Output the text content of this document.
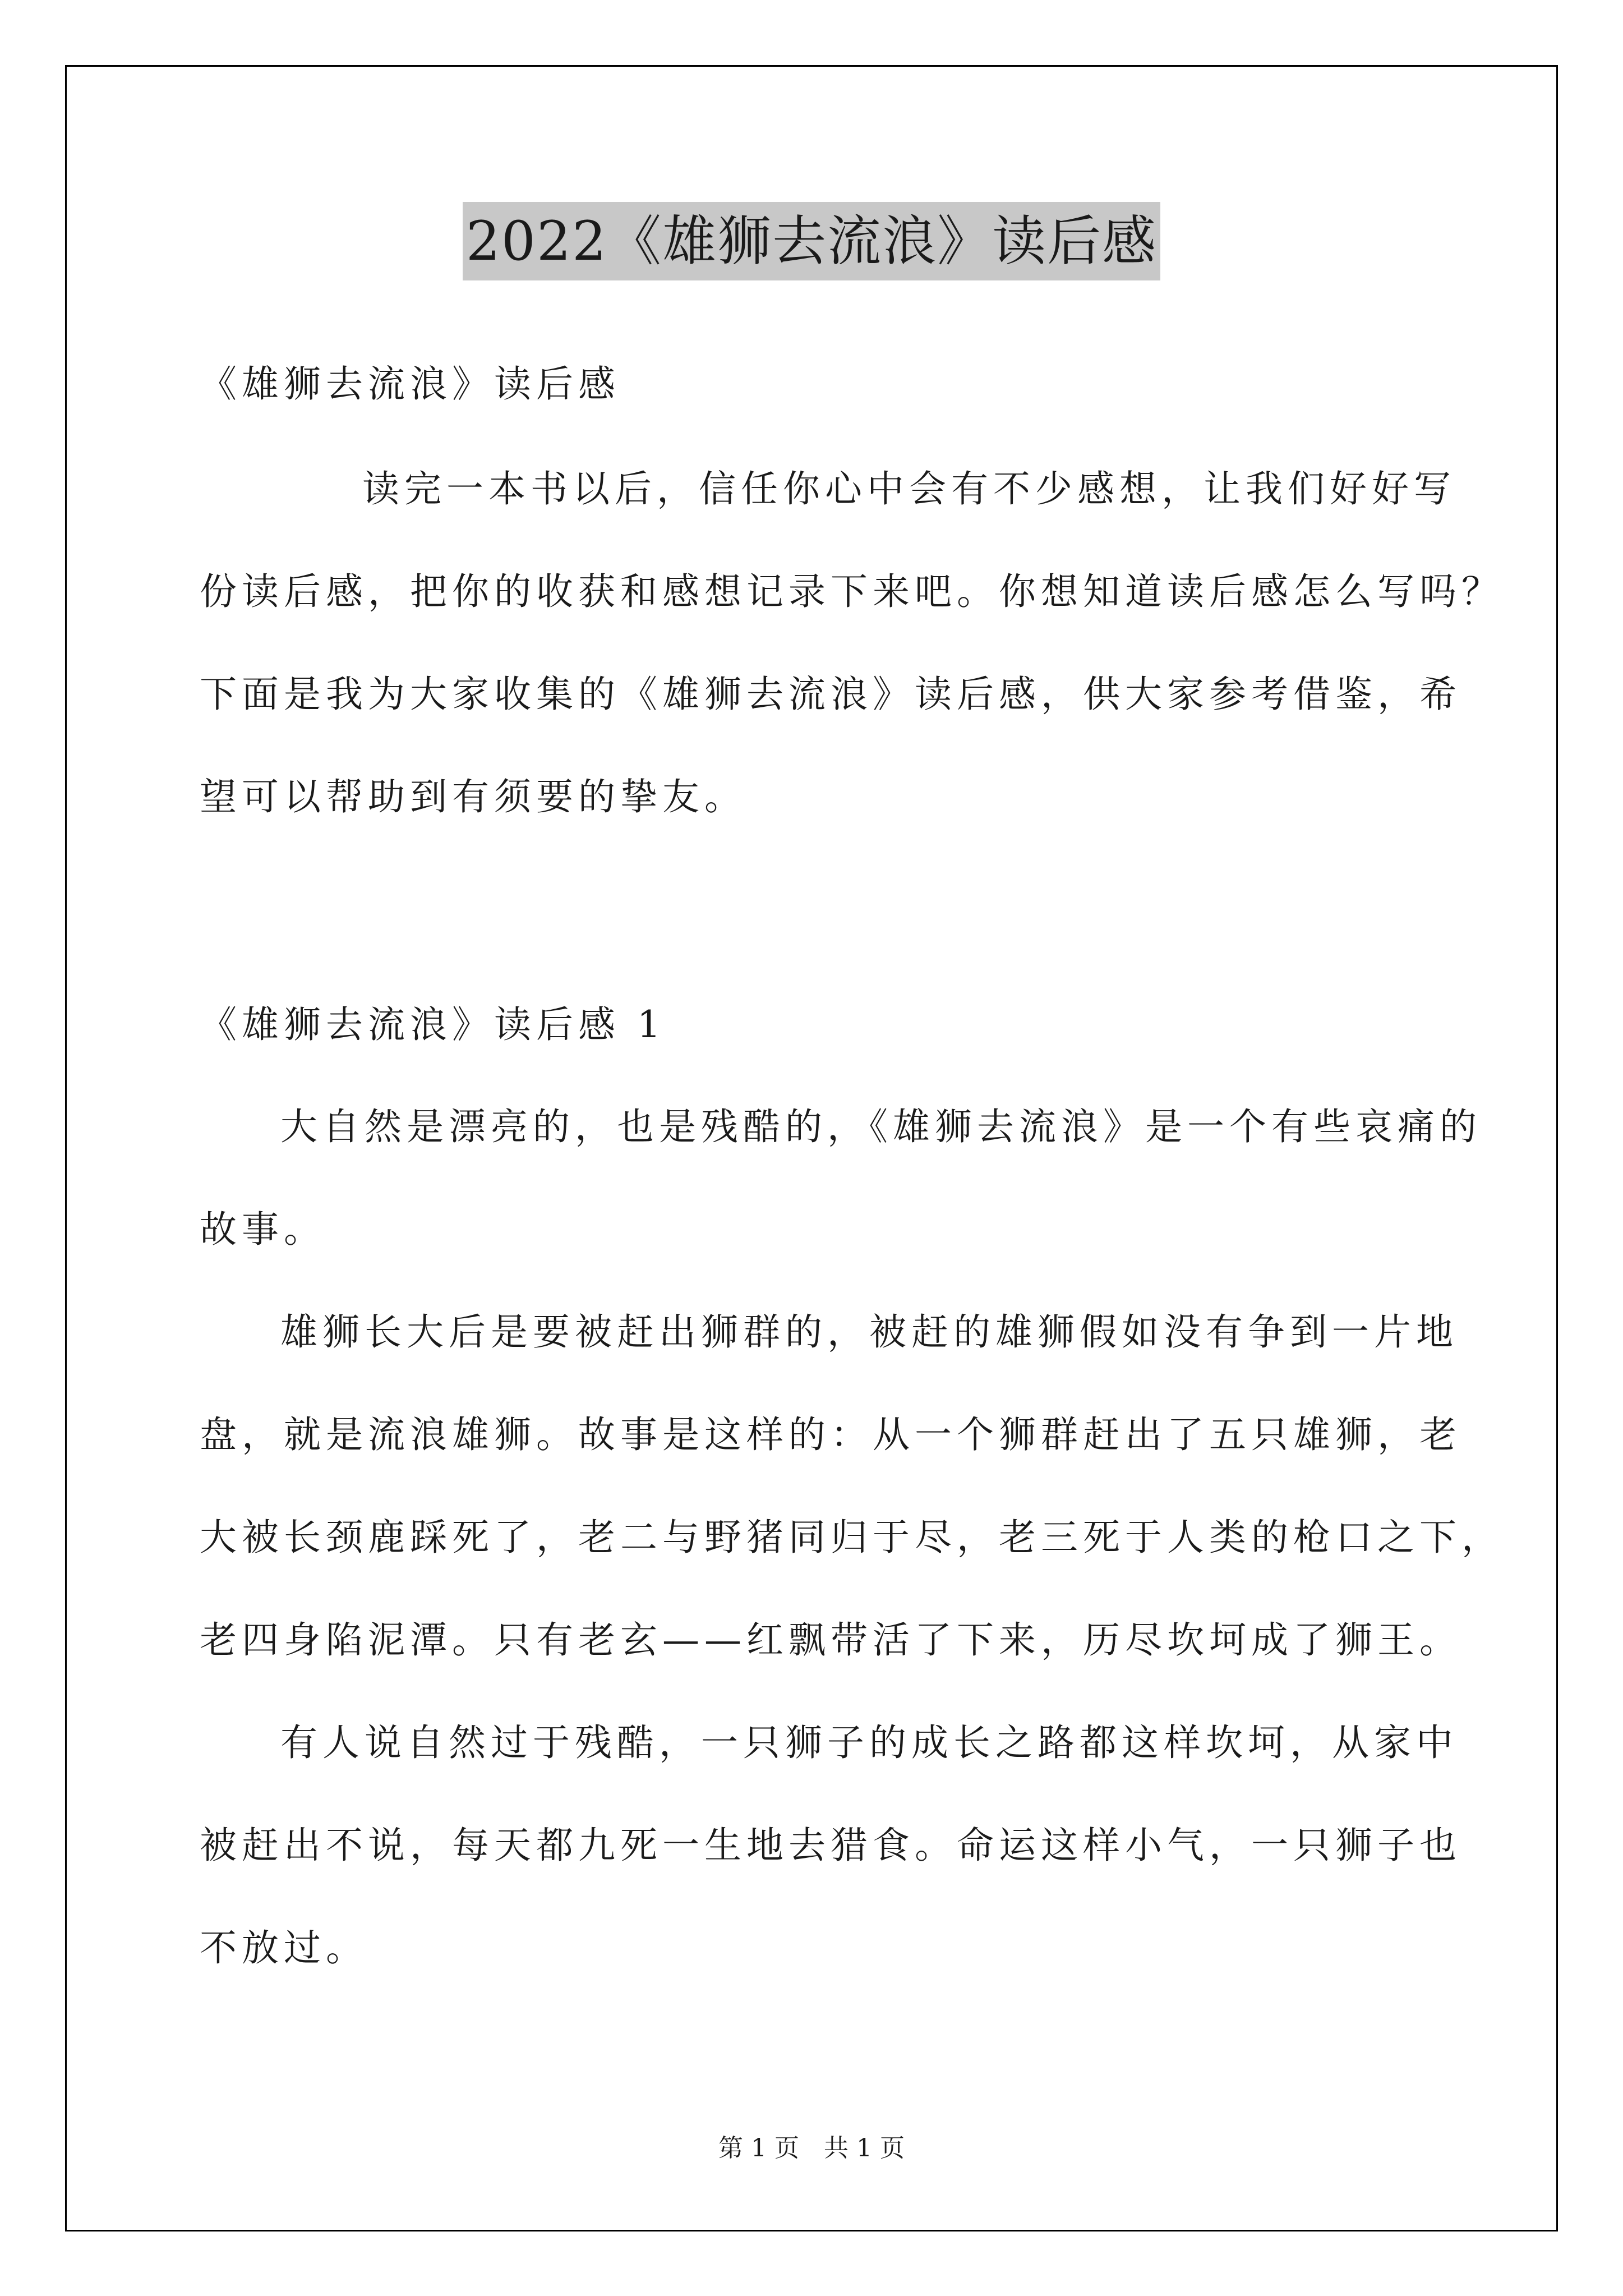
2022《雄狮去流浪》读后感
《雄狮去流浪》读后感
读完一本书以后，信任你心中会有不少感想，让我们好好写
份读后感，把你的收获和感想记录下来吧。你想知道读后感怎么写吗？
下面是我为大家收集的《雄狮去流浪》读后感，供大家参考借鉴，希
望可以帮助到有须要的挚友。
《雄狮去流浪》读后感 1
大自然是漂亮的，也是残酷的，《雄狮去流浪》是一个有些哀痛的
故事。
雄狮长大后是要被赶出狮群的，被赶的雄狮假如没有争到一片地
盘，就是流浪雄狮。故事是这样的：从一个狮群赶出了五只雄狮，老
大被长颈鹿踩死了，老二与野猪同归于尽，老三死于人类的枪口之下，
老四身陷泥潭。只有老玄——红飘带活了下来，历尽坎坷成了狮王。
有人说自然过于残酷，一只狮子的成长之路都这样坎坷，从家中
被赶出不说，每天都九死一生地去猎食。命运这样小气，一只狮子也
不放过。
第 1 页　共 1 页
